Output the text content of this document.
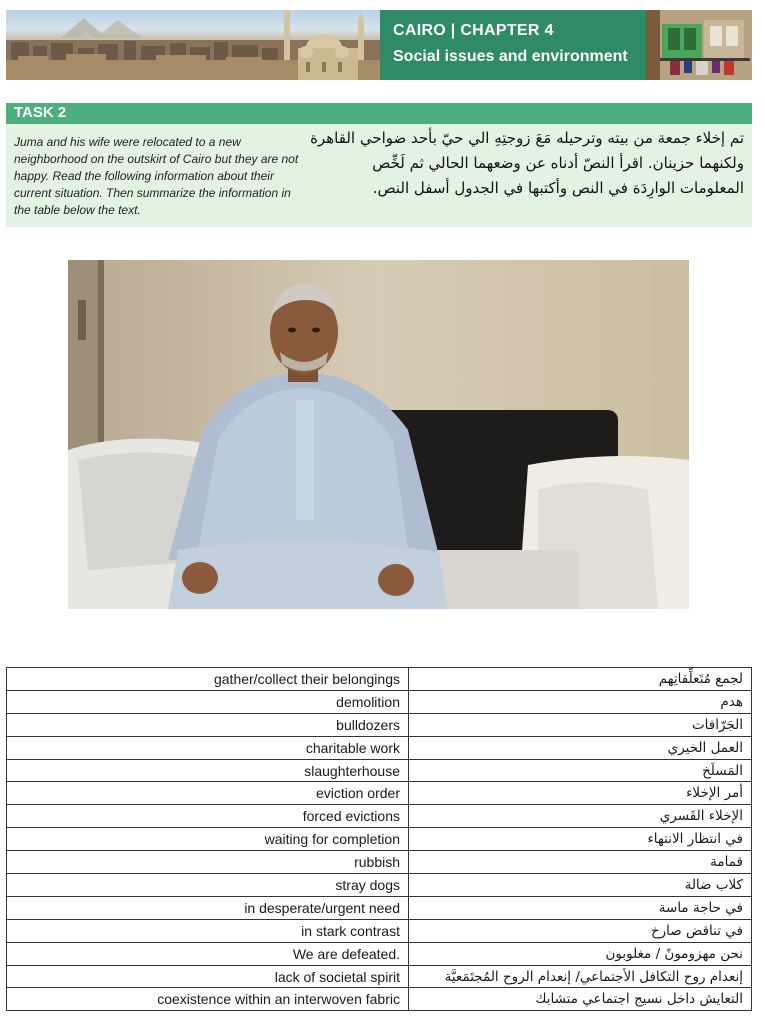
CAIRO | CHAPTER 4
Social issues and environment
TASK 2
Juma and his wife were relocated to a new neighborhood on the outskirt of Cairo but they are not happy. Read the following information about their current situation. Then summarize the information in the table below the text.
تم إخلاء جمعة من بيته وترحيله مَعَ زوجتِهِ الي حيّ بأحد ضواحي القاهرة ولكنهما حزينان. اقرأ النصّ أدناه عن وضعهما الحالي ثم لَخِّص المعلومات الوارِدَة في النص وأكتبها في الجدول أسفل النص.
gather/collect their belongings	لجمع مُتَعلِّقاتِهم
demolition	هدم
bulldozers	الجَرّافات
charitable work	العمل الخيري
slaughterhouse	المَسلَخ
eviction order	أمر الإخلاء
forced evictions	الإخلاء القَسري
waiting for completion	في انتظار الانتهاء
rubbish	قمامة
stray dogs	كلاب ضالة
in desperate/urgent need	في حاجة ماسة
in stark contrast	في تناقض صارخ
We are defeated.	نحن مهزومونً / مغلوبون
lack of societal spirit	إنعدام روح التكافل الأجتماعي/ إنعدام الروح المُجتَمَعيَّة
coexistence within an interwoven fabric	التعايش داخل نسيج اجتماعي متشابك
